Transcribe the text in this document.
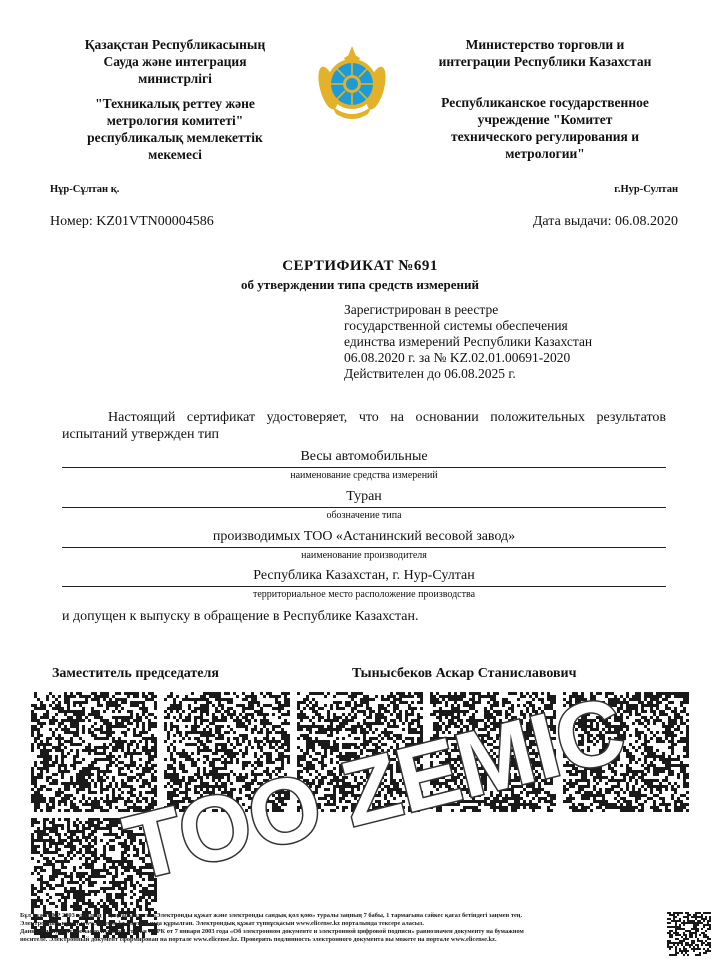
Қазақстан Республикасының
Сауда және интеграция
министрлігі
"Техникалық реттеу және
метрология комитеті"
республикалық мемлекеттік
мекемесі
Министерство торговли и
интеграции Республики Казахстан
Республиканское государственное
учреждение "Комитет
технического регулирования и
метрологии"
Нұр-Сұлтан қ.	г.Нур-Султан
Номер: KZ01VTN00004586	Дата выдачи: 06.08.2020
СЕРТИФИКАТ №691
об утверждении типа средств измерений
Зарегистрирован в реестре
государственной системы обеспечения
единства измерений Республики Казахстан
06.08.2020 г. за № KZ.02.01.00691-2020
Действителен до 06.08.2025 г.

Настоящий сертификат удостоверяет, что на основании положительных результатов испытаний утвержден тип

Весы автомобильные
наименование средства измерений
Туран
обозначение типа
производимых ТОО «Астанинский весовой завод»
наименование производителя
Республика Казахстан, г. Нур-Султан
территориальное место расположение производства
и допущен к выпуску в обращение в Республике Казахстан.
Заместитель председателя	Тынысбеков Аскар Станиславович
TOO ZEMIC
Бұл құжат ҚР 2003 жылдың 7 қаңтарындағы «Электронды құжат және электронды сандық қол қою» туралы заңның 7 бабы, 1 тармағына сәйкес қағаз бетіндегі заңмен тең.
Электрондық құжат www.elicense.kz порталында құрылған. Электрондық құжат түпнұсқасын www.elicense.kz порталында тексере аласыз.
Данный документ согласно пункту 1 статьи 7 ЗРК от 7 января 2003 года «Об электронном документе и электронной цифровой подписи» равнозначен документу на бумажном
носителе. Электронный документ сформирован на портале www.elicense.kz. Проверить подлинность электронного документа вы можете на портале www.elicense.kz.
